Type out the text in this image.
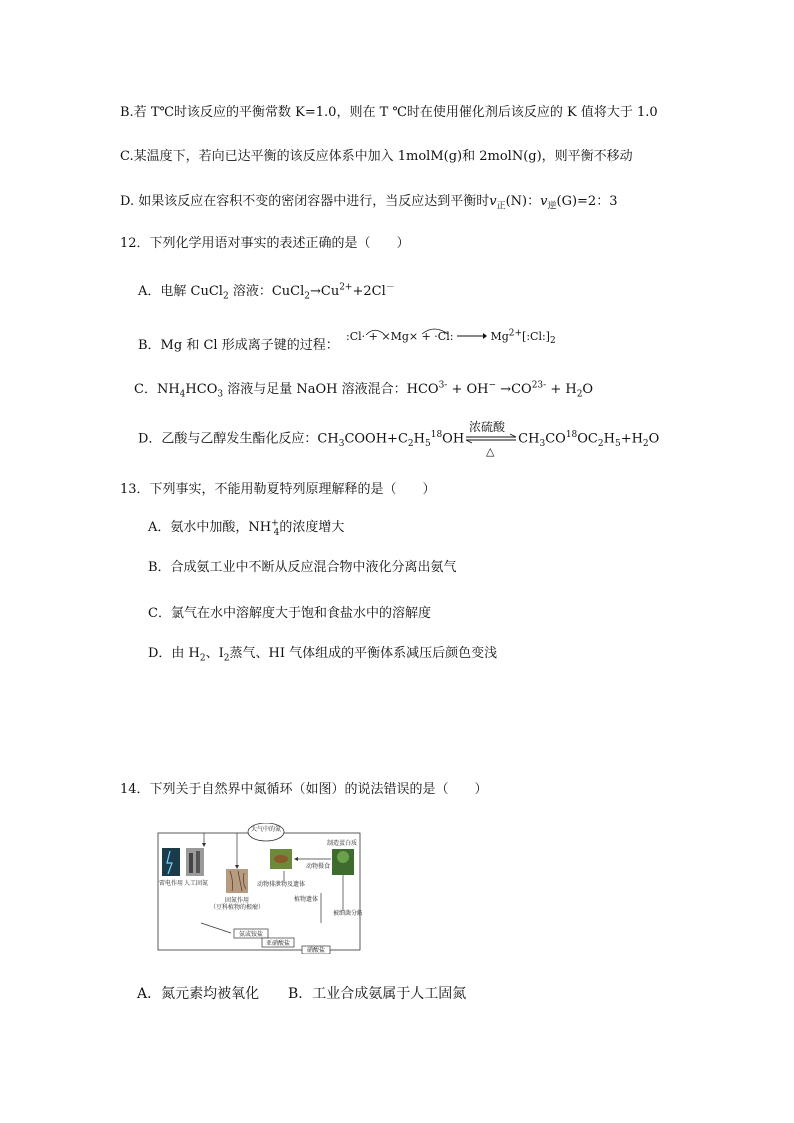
B.若 T℃时该反应的平衡常数 K=1.0，则在 T ℃时在使用催化剂后该反应的 K 值将大于 1.0
C.某温度下，若向已达平衡的该反应体系中加入 1molM(g)和 2molN(g)，则平衡不移动
D. 如果该反应在容积不变的密闭容器中进行，当反应达到平衡时$v_正(N)$：$v_逆(G)=2$：3
12．下列化学用语对事实的表述正确的是（　　）
A．电解 CuCl$_2$ 溶液：$CuCl_2\to Cu^{2+}+2Cl^-$
B．Mg 和 Cl 形成离子键的过程：
:Cl· + ×Mg× + ·Cl: → $Mg^{2+}[:Cl:]_2$
C．$NH_4HCO_3$ 溶液与足量 NaOH 溶液混合：$HCO^{3-} + OH^- \to CO^{23-} + H_2O$
D．乙酸与乙醇发生酯化反应：$CH_3COOH+C_2H_5^{18}OH$	$CH_3CO^{18}OC_2H_5+H_2O$
浓硫酸
△
13．下列事实，不能用勒夏特列原理解释的是（　　）
A．氨水中加酸，$NH^+_4$的浓度增大
B．合成氨工业中不断从反应混合物中液化分离出氨气
C．氯气在水中溶解度大于饱和食盐水中的溶解度
D．由 $H_2$、$I_2$蒸气、HI 气体组成的平衡体系减压后颜色变浅
14．下列关于自然界中氮循环（如图）的说法错误的是（　　）
大气中的氮
雷电作用 人工固氮
固氮作用
（豆科植物的根瘤）
动物排泄物及遗体
动物摄食
制造蛋白质
植物遗体
被细菌分解
氨或铵盐
亚硝酸盐
硝酸盐
A．氮元素均被氧化 B．工业合成氨属于人工固氮
